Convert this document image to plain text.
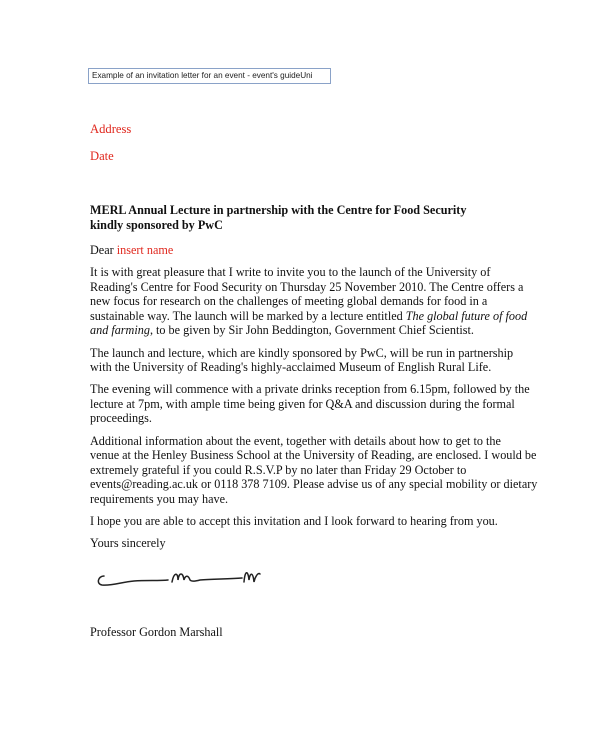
Example of an invitation letter for an event - event's guideUni
Address
Date
MERL Annual Lecture in partnership with the Centre for Food Security
kindly sponsored by PwC

Dear insert name

It is with great pleasure that I write to invite you to the launch of the University of
Reading's Centre for Food Security on Thursday 25 November 2010. The Centre offers a
new focus for research on the challenges of meeting global demands for food in a
sustainable way. The launch will be marked by a lecture entitled The global future of food
and farming, to be given by Sir John Beddington, Government Chief Scientist.

The launch and lecture, which are kindly sponsored by PwC, will be run in partnership
with the University of Reading's highly-acclaimed Museum of English Rural Life.

The evening will commence with a private drinks reception from 6.15pm, followed by the
lecture at 7pm, with ample time being given for Q&A and discussion during the formal
proceedings.

Additional information about the event, together with details about how to get to the
venue at the Henley Business School at the University of Reading, are enclosed. I would be
extremely grateful if you could R.S.V.P by no later than Friday 29 October to
events@reading.ac.uk or 0118 378 7109. Please advise us of any special mobility or dietary
requirements you may have.

I hope you are able to accept this invitation and I look forward to hearing from you.

Yours sincerely

Professor Gordon Marshall
